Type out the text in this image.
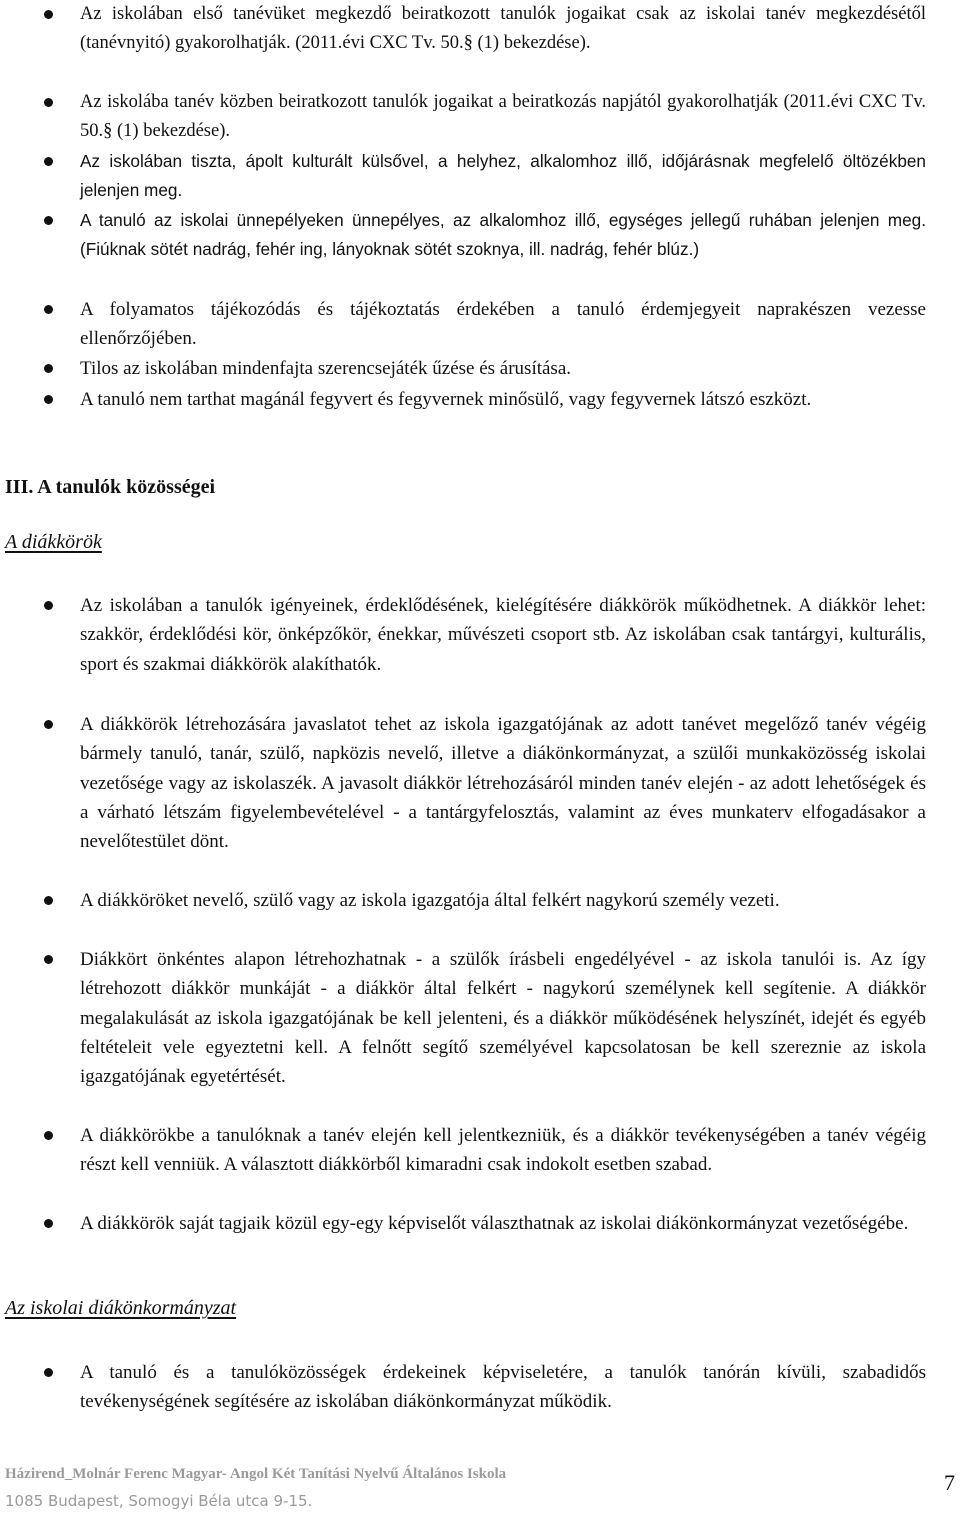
Az iskolában első tanévüket megkezdő beiratkozott tanulók jogaikat csak az iskolai tanév megkezdésétől (tanévnyitó) gyakorolhatják. (2011.évi CXC Tv. 50.§ (1) bekezdése).
Az iskolába tanév közben beiratkozott tanulók jogaikat a beiratkozás napjától gyakorolhatják (2011.évi CXC Tv. 50.§ (1) bekezdése).
Az iskolában tiszta, ápolt kulturált külsővel, a helyhez, alkalomhoz illő, időjárásnak megfelelő öltözékben jelenjen meg.
A tanuló az iskolai ünnepélyeken ünnepélyes, az alkalomhoz illő, egységes jellegű ruhában jelenjen meg. (Fiúknak sötét nadrág, fehér ing, lányoknak sötét szoknya, ill. nadrág, fehér blúz.)
A folyamatos tájékozódás és tájékoztatás érdekében a tanuló érdemjegyeit naprakészen vezesse ellenőrzőjében.
Tilos az iskolában mindenfajta szerencsejáték űzése és árusítása.
A tanuló nem tarthat magánál fegyvert és fegyvernek minősülő, vagy fegyvernek látszó eszközt.
III. A tanulók közösségei
A diákkörök
Az iskolában a tanulók igényeinek, érdeklődésének, kielégítésére diákkörök működhetnek. A diákkör lehet: szakkör, érdeklődési kör, önképzőkör, énekkar, művészeti csoport stb. Az iskolában csak tantárgyi, kulturális, sport és szakmai diákkörök alakíthatók.
A diákkörök létrehozására javaslatot tehet az iskola igazgatójának az adott tanévet megelőző tanév végéig bármely tanuló, tanár, szülő, napközis nevelő, illetve a diákönkormányzat, a szülői munkaközösség iskolai vezetősége vagy az iskolaszék. A javasolt diákkör létrehozásáról minden tanév elején - az adott lehetőségek és a várható létszám figyelembevételével - a tantárgyfelosztás, valamint az éves munkaterv elfogadásakor a nevelőtestület dönt.
A diákköröket nevelő, szülő vagy az iskola igazgatója által felkért nagykorú személy vezeti.
Diákkört önkéntes alapon létrehozhatnak - a szülők írásbeli engedélyével - az iskola tanulói is. Az így létrehozott diákkör munkáját - a diákkör által felkért - nagykorú személynek kell segítenie. A diákkör megalakulását az iskola igazgatójának be kell jelenteni, és a diákkör működésének helyszínét, idejét és egyéb feltételeit vele egyeztetni kell. A felnőtt segítő személyével kapcsolatosan be kell szereznie az iskola igazgatójának egyetértését.
A diákkörökbe a tanulóknak a tanév elején kell jelentkezniük, és a diákkör tevékenységében a tanév végéig részt kell venniük. A választott diákkörből kimaradni csak indokolt esetben szabad.
A diákkörök saját tagjaik közül egy-egy képviselőt választhatnak az iskolai diákönkormányzat vezetőségébe.
Az iskolai diákönkormányzat
A tanuló és a tanulóközösségek érdekeinek képviseletére, a tanulók tanórán kívüli, szabadidős tevékenységének segítésére az iskolában diákönkormányzat működik.
Házirend_Molnár Ferenc Magyar- Angol Két Tanítási Nyelvű Általános Iskola
1085 Budapest, Somogyi Béla utca 9-15.
7
